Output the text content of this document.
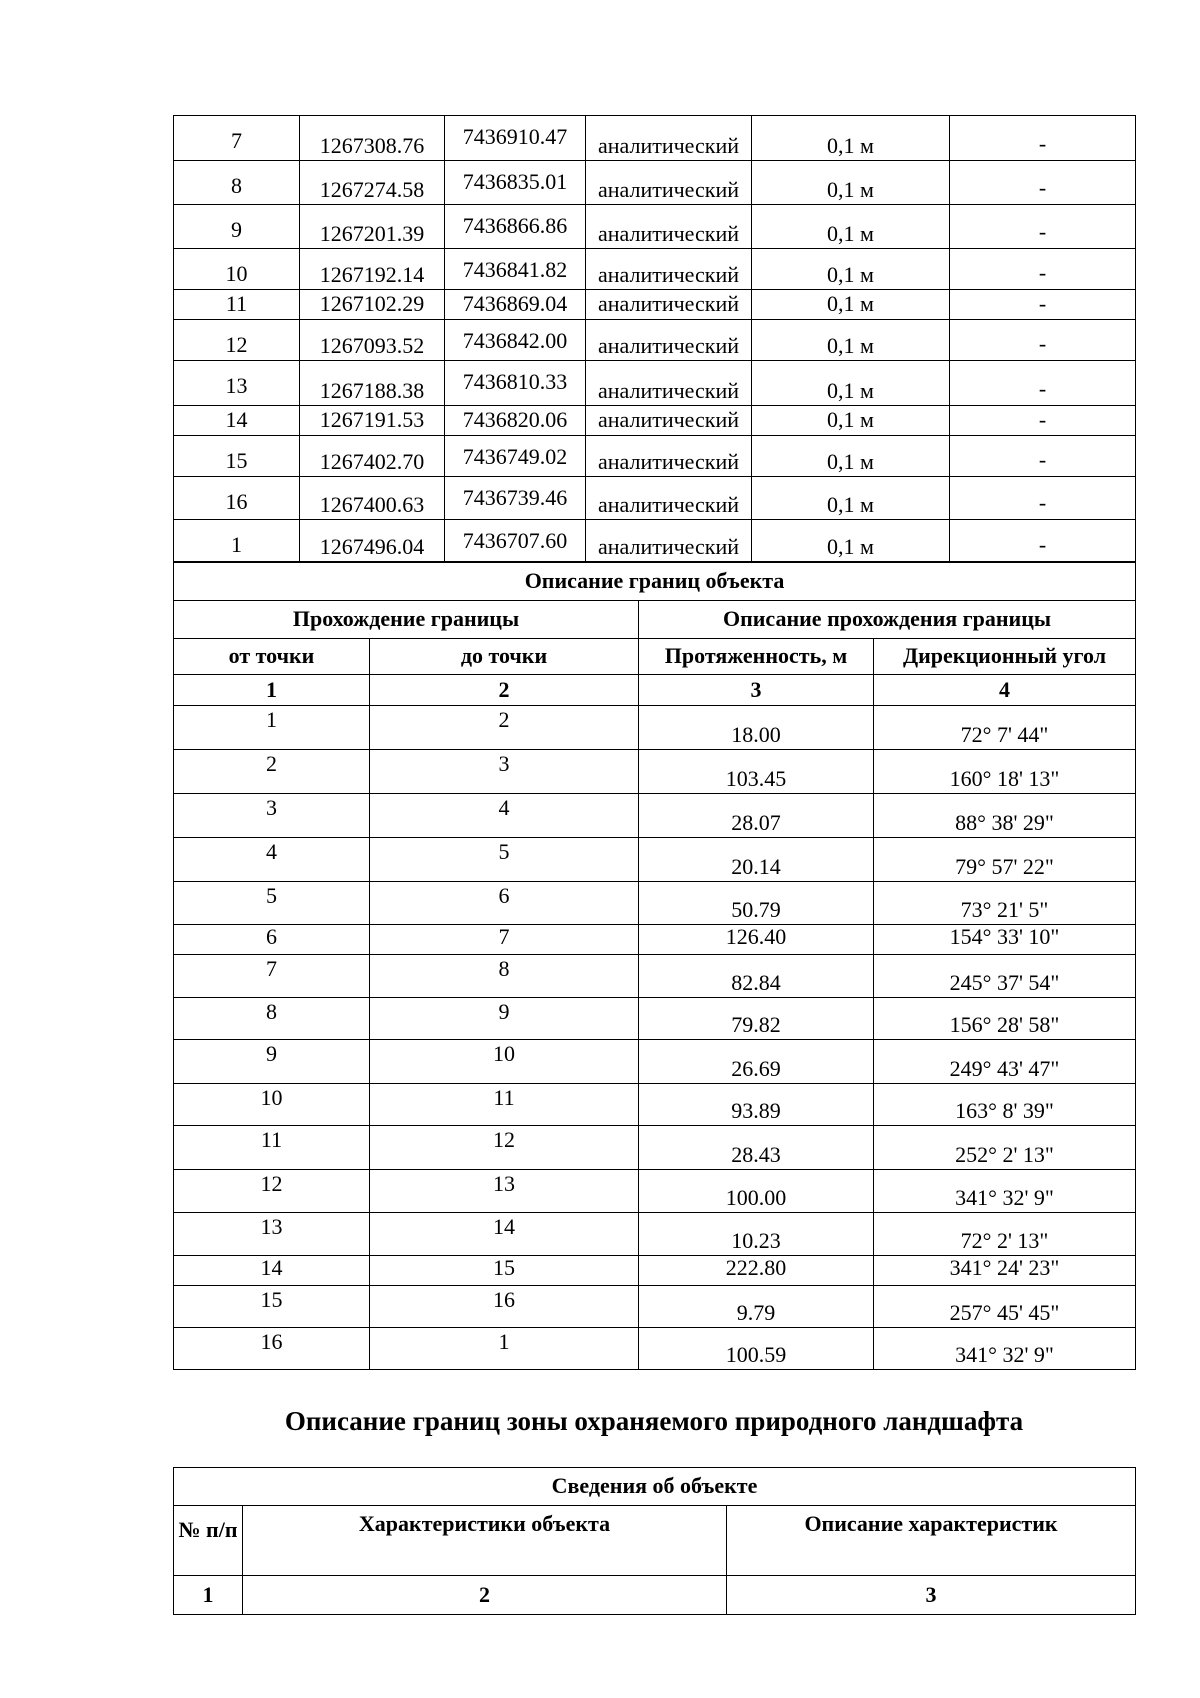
7	1267308.76	7436910.47	аналитический	0,1 м	-
8	1267274.58	7436835.01	аналитический	0,1 м	-
9	1267201.39	7436866.86	аналитический	0,1 м	-
10	1267192.14	7436841.82	аналитический	0,1 м	-
11	1267102.29	7436869.04	аналитический	0,1 м	-
12	1267093.52	7436842.00	аналитический	0,1 м	-
13	1267188.38	7436810.33	аналитический	0,1 м	-
14	1267191.53	7436820.06	аналитический	0,1 м	-
15	1267402.70	7436749.02	аналитический	0,1 м	-
16	1267400.63	7436739.46	аналитический	0,1 м	-
1	1267496.04	7436707.60	аналитический	0,1 м	-
Описание границ объекта			
Прохождение границы		Описание прохождения границы	
от точки	до точки	Протяженность, м	Дирекционный угол
1	2	3	4
1	2	18.00	72° 7' 44"
2	3	103.45	160° 18' 13"
3	4	28.07	88° 38' 29"
4	5	20.14	79° 57' 22"
5	6	50.79	73° 21' 5"
6	7	126.40	154° 33' 10"
7	8	82.84	245° 37' 54"
8	9	79.82	156° 28' 58"
9	10	26.69	249° 43' 47"
10	11	93.89	163° 8' 39"
11	12	28.43	252° 2' 13"
12	13	100.00	341° 32' 9"
13	14	10.23	72° 2' 13"
14	15	222.80	341° 24' 23"
15	16	9.79	257° 45' 45"
16	1	100.59	341° 32' 9"
Описание границ зоны охраняемого природного ландшафта
Сведения об объекте		
№ п/п	Характеристики объекта	Описание характеристик
1	2	3
